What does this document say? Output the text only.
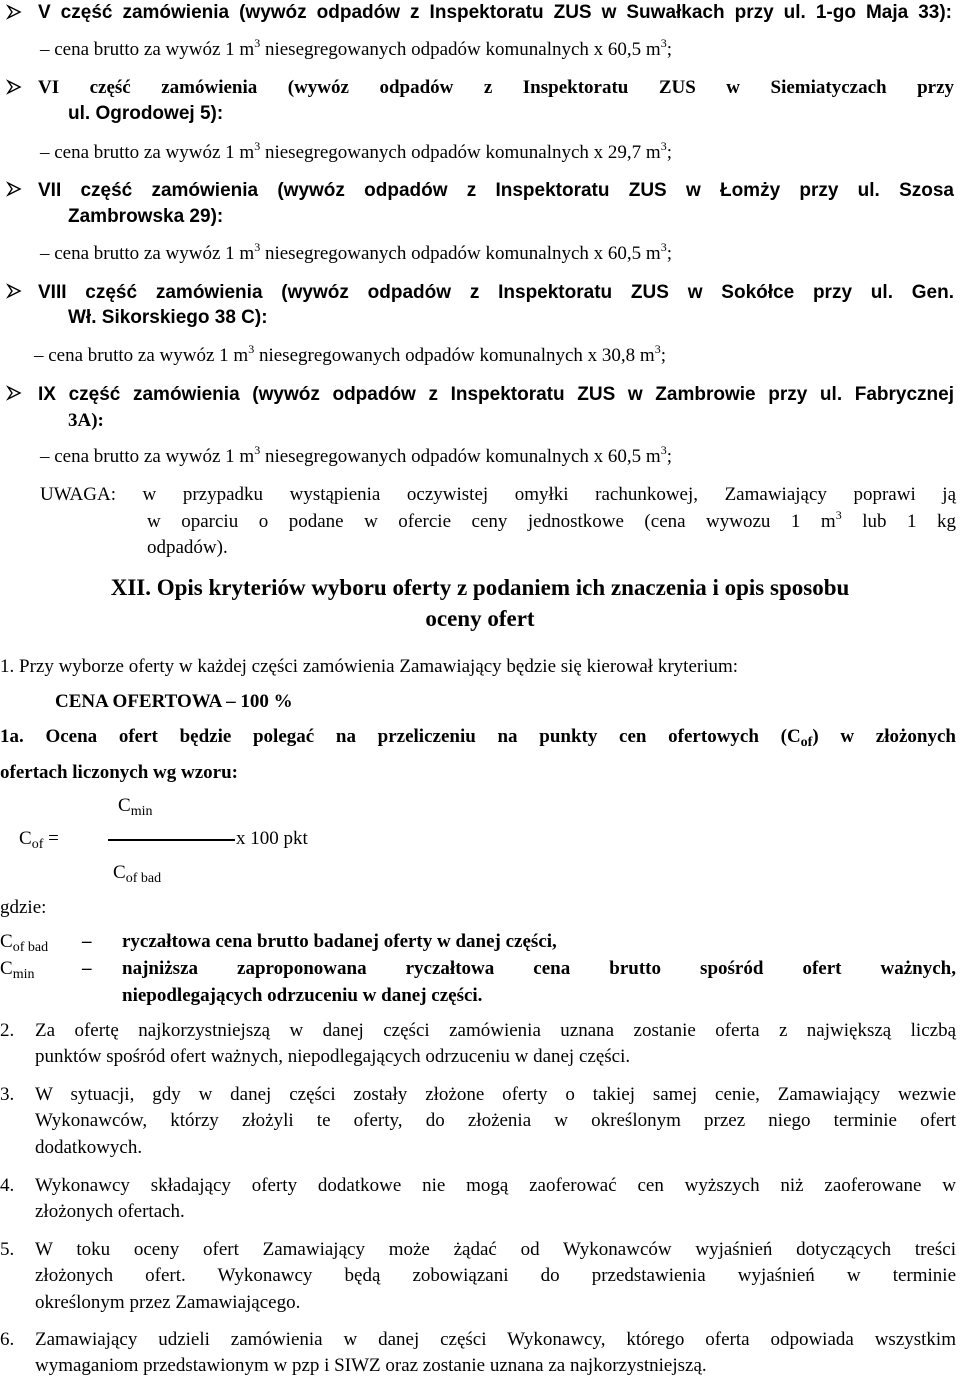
V część zamówienia (wywóz odpadów z Inspektoratu ZUS w Suwałkach przy ul. 1-go Maja 33):
– cena brutto za wywóz 1 $m^3$ niesegregowanych odpadów komunalnych x 60,5 $m^3$;
VI część zamówienia (wywóz odpadów z Inspektoratu ZUS w Siemiatyczach przy
ul. Ogrodowej 5):
– cena brutto za wywóz 1 $m^3$ niesegregowanych odpadów komunalnych x 29,7 $m^3$;
VII część zamówienia (wywóz odpadów z Inspektoratu ZUS w Łomży przy ul. Szosa
Zambrowska 29):
– cena brutto za wywóz 1 $m^3$ niesegregowanych odpadów komunalnych x 60,5 $m^3$;
VIII część zamówienia (wywóz odpadów z Inspektoratu ZUS w Sokółce przy ul. Gen.
Wł. Sikorskiego 38 C):
– cena brutto za wywóz 1 $m^3$ niesegregowanych odpadów komunalnych x 30,8 $m^3$;
IX część zamówienia (wywóz odpadów z Inspektoratu ZUS w Zambrowie przy ul. Fabrycznej
3A):
– cena brutto za wywóz 1 $m^3$ niesegregowanych odpadów komunalnych x 60,5 $m^3$;
UWAGA: w przypadku wystąpienia oczywistej omyłki rachunkowej, Zamawiający poprawi ją
w oparciu o podane w ofercie ceny jednostkowe (cena wywozu 1 $m^3$ lub 1 kg
odpadów).
XII. Opis kryteriów wyboru oferty z podaniem ich znaczenia i opis sposobu
oceny ofert
1. Przy wyborze oferty w każdej części zamówienia Zamawiający będzie się kierował kryterium:
CENA OFERTOWA – 100 %
1a. Ocena ofert będzie polegać na przeliczeniu na punkty cen ofertowych $(C_{of})$ w złożonych
ofertach liczonych wg wzoru:
$C_{min}$
$C_{of}$ =	x 100 pkt
$C_{of bad}$
gdzie:
$C_{of bad}$ – ryczałtowa cena brutto badanej oferty w danej części,
$C_{min}$	– najniższa zaproponowana ryczałtowa cena brutto spośród ofert ważnych,
niepodlegających odrzuceniu w danej części.
2. Za ofertę najkorzystniejszą w danej części zamówienia uznana zostanie oferta z największą liczbą
punktów spośród ofert ważnych, niepodlegających odrzuceniu w danej części.
3. W sytuacji, gdy w danej części zostały złożone oferty o takiej samej cenie, Zamawiający wezwie
Wykonawców, którzy złożyli te oferty, do złożenia w określonym przez niego terminie ofert
dodatkowych.
4. Wykonawcy składający oferty dodatkowe nie mogą zaoferować cen wyższych niż zaoferowane w
złożonych ofertach.
5. W toku oceny ofert Zamawiający może żądać od Wykonawców wyjaśnień dotyczących treści
złożonych ofert. Wykonawcy będą zobowiązani do przedstawienia wyjaśnień w terminie
określonym przez Zamawiającego.
6. Zamawiający udzieli zamówienia w danej części Wykonawcy, którego oferta odpowiada wszystkim
wymaganiom przedstawionym w pzp i SIWZ oraz zostanie uznana za najkorzystniejszą.
